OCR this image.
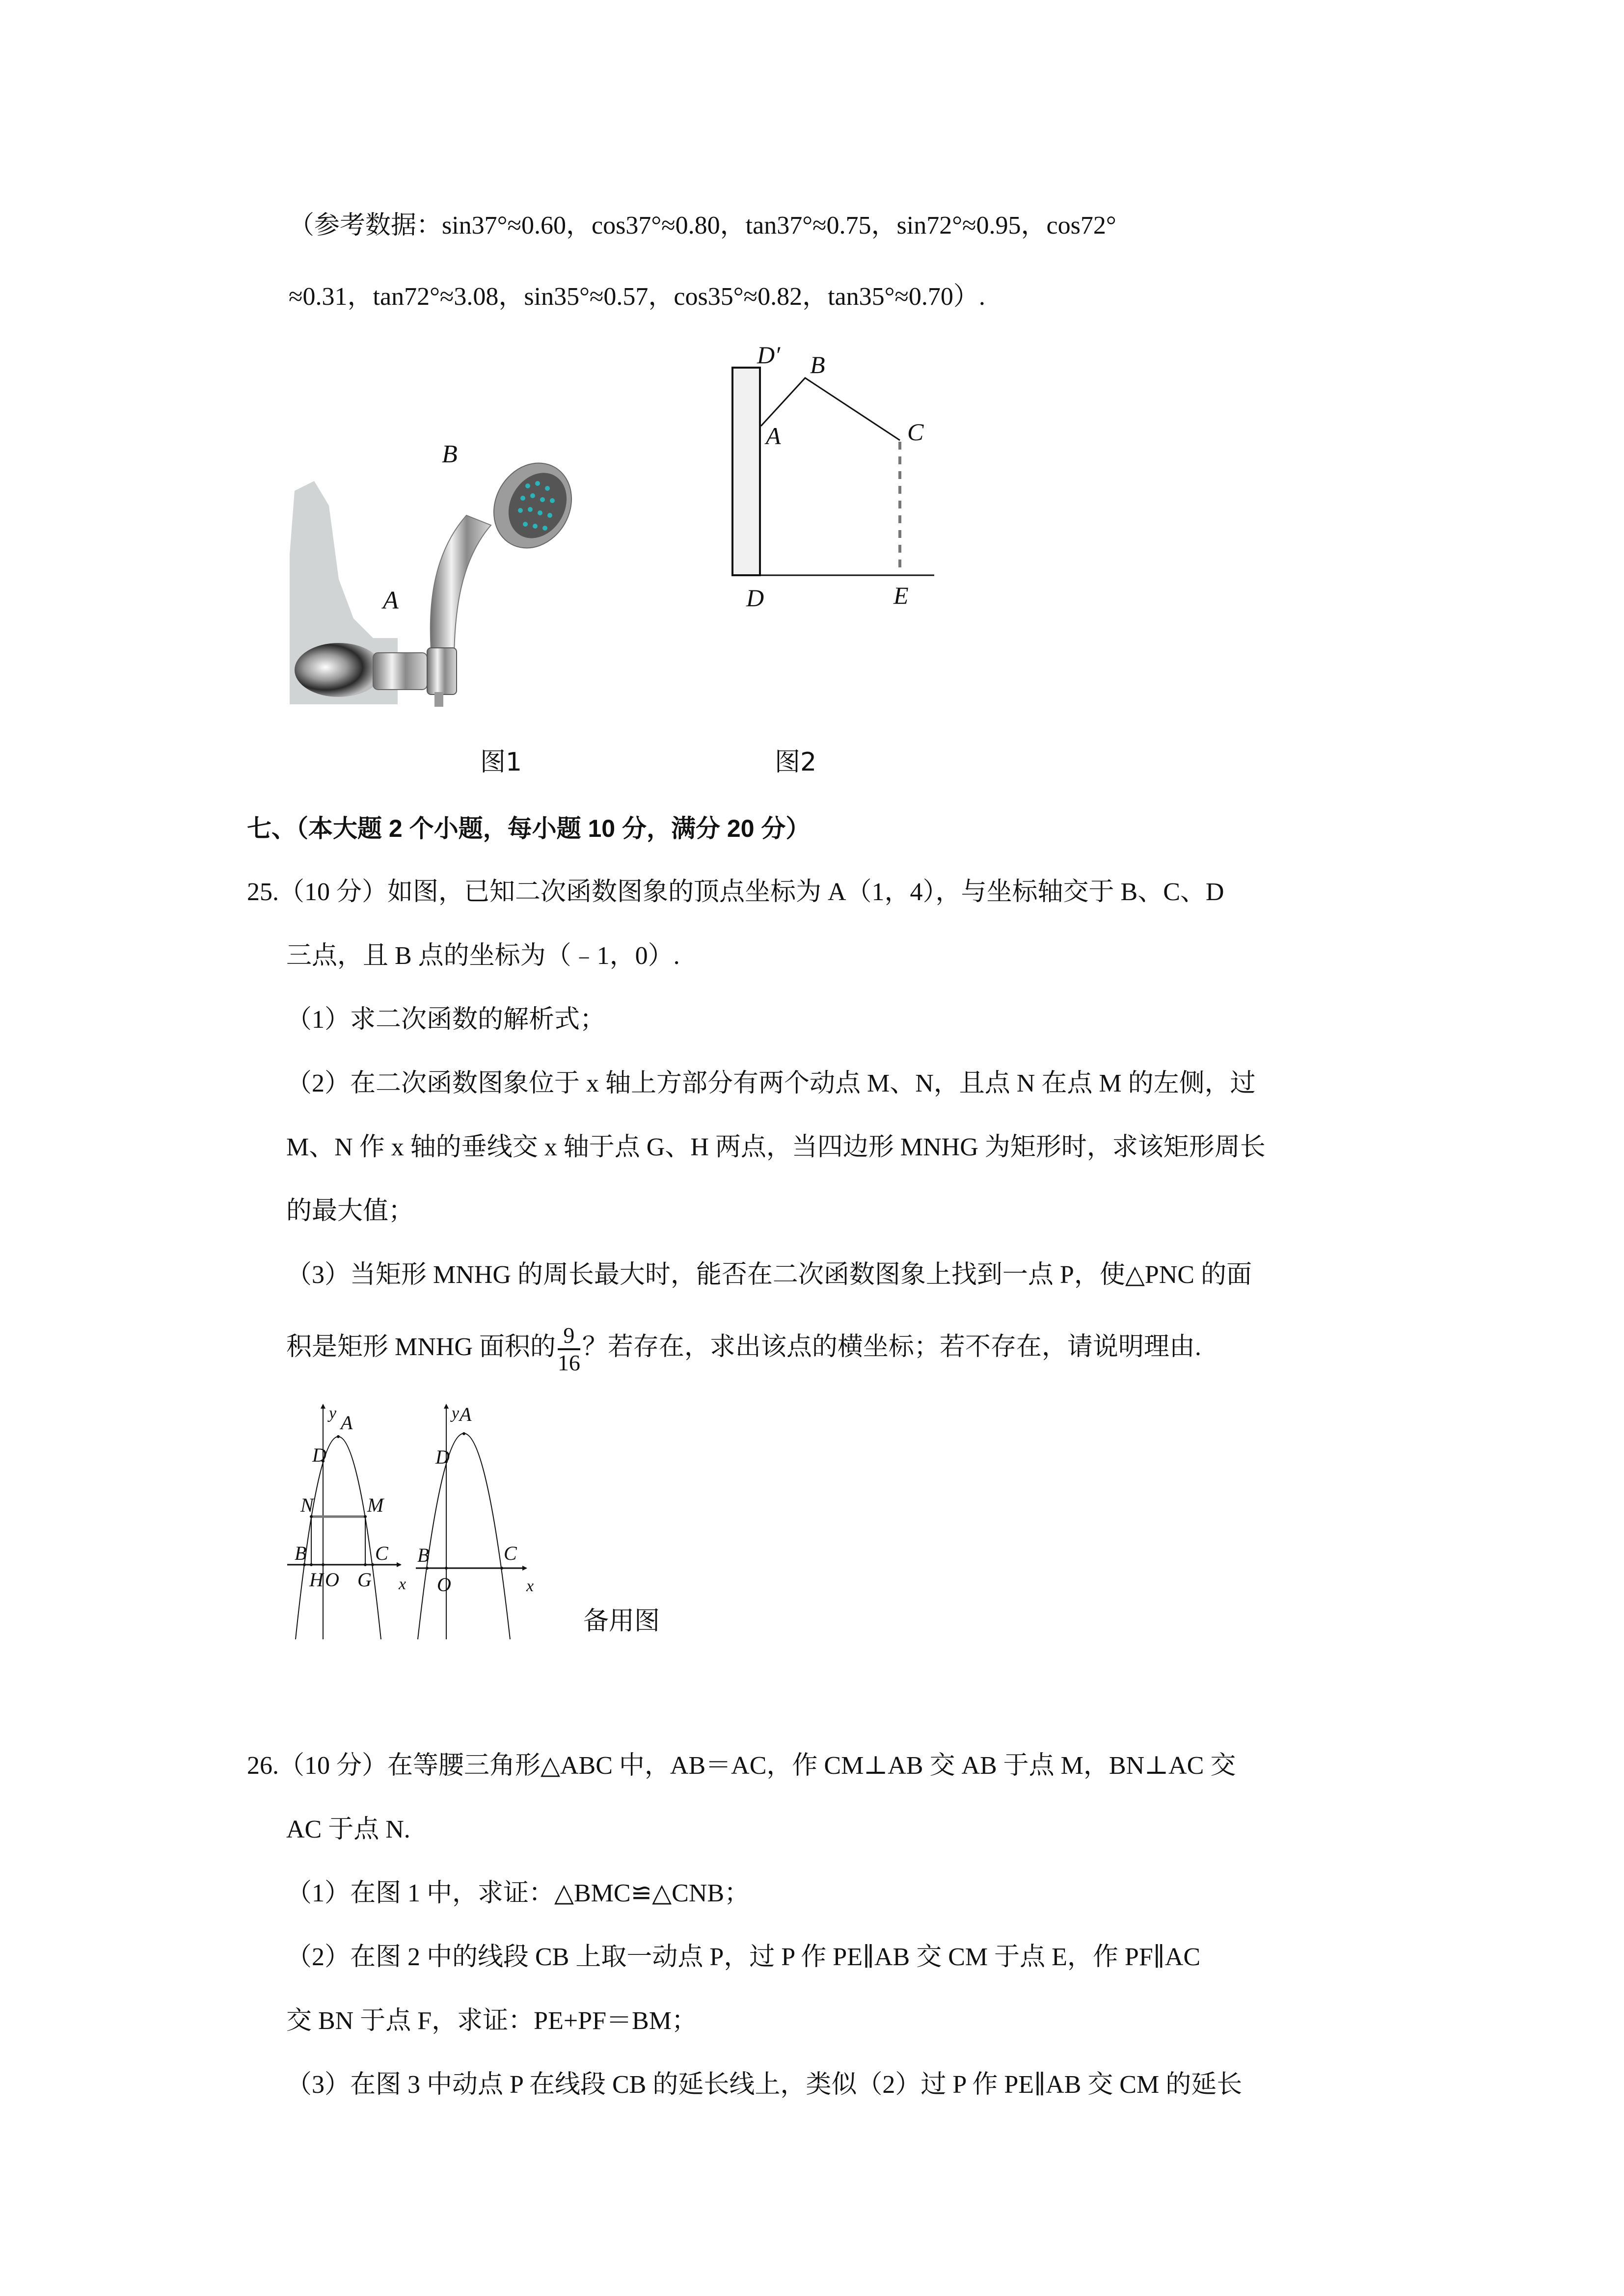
（参考数据：sin37°≈0.60，cos37°≈0.80，tan37°≈0.75，sin72°≈0.95，cos72°
≈0.31，tan72°≈3.08，sin35°≈0.57，cos35°≈0.82，tan35°≈0.70）.
B
A
图1
D′ B
A	C
D	E
图2
七、（本大题 2 个小题，每小题 10 分，满分 20 分）
25.（10 分）如图，已知二次函数图象的顶点坐标为 A（1，4），与坐标轴交于 B、C、D
三点，且 B 点的坐标为（﹣1，0）.
（1）求二次函数的解析式；
（2）在二次函数图象位于 x 轴上方部分有两个动点 M、N，且点 N 在点 M 的左侧，过
M、N 作 x 轴的垂线交 x 轴于点 G、H 两点，当四边形 MNHG 为矩形时，求该矩形周长
的最大值；
（3）当矩形 MNHG 的周长最大时，能否在二次函数图象上找到一点 P，使△PNC 的面
积是矩形 MNHG 面积的 $\frac{9}{16}$ ？若存在，求出该点的横坐标；若不存在，请说明理由.
y A
D
N	M
B	C
H O G x
y A
D
B	C
O	x
备用图
26.（10 分）在等腰三角形△ABC 中，AB＝AC，作 CM⊥AB 交 AB 于点 M，BN⊥AC 交
AC 于点 N.
（1）在图 1 中，求证：△BMC≌△CNB；
（2）在图 2 中的线段 CB 上取一动点 P，过 P 作 PE∥AB 交 CM 于点 E，作 PF∥AC
交 BN 于点 F，求证：PE+PF＝BM；
（3）在图 3 中动点 P 在线段 CB 的延长线上，类似（2）过 P 作 PE∥AB 交 CM 的延长
